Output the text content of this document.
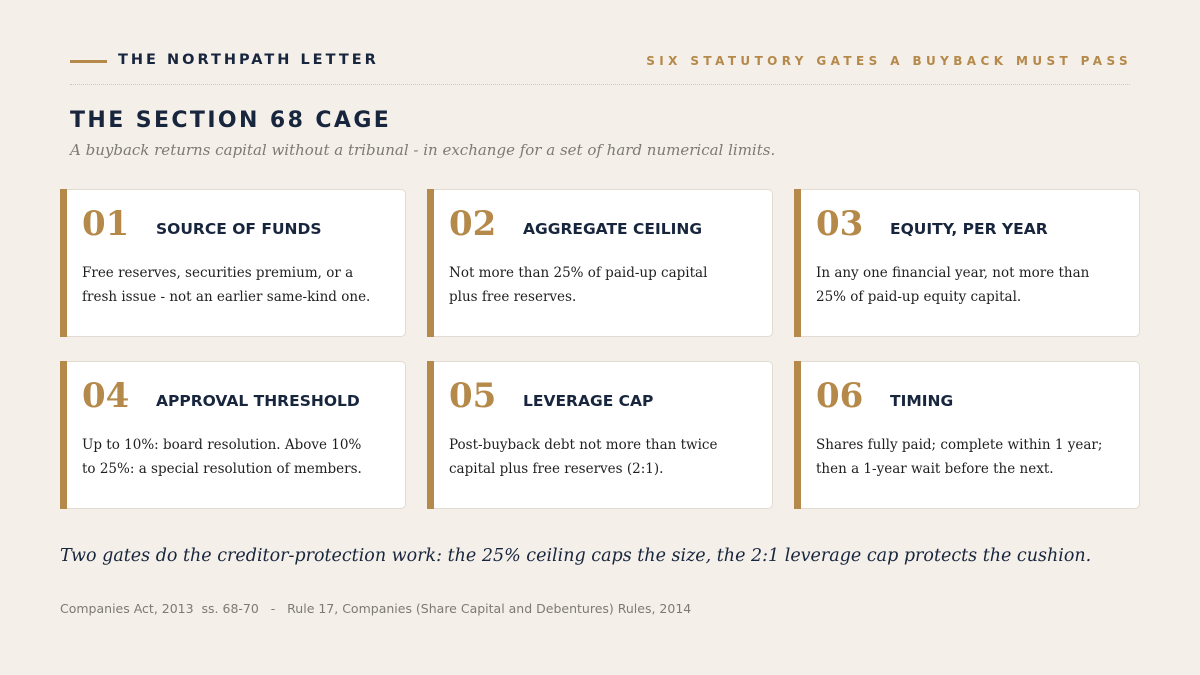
THE NORTHPATH LETTER	SIX STATUTORY GATES A BUYBACK MUST PASS
THE SECTION 68 CAGE
A buyback returns capital without a tribunal - in exchange for a set of hard numerical limits.
01 SOURCE OF FUNDS
Free reserves, securities premium, or a
fresh issue - not an earlier same-kind one.
02 AGGREGATE CEILING
Not more than 25% of paid-up capital
plus free reserves.
03 EQUITY, PER YEAR
In any one financial year, not more than
25% of paid-up equity capital.
04 APPROVAL THRESHOLD
Up to 10%: board resolution. Above 10%
to 25%: a special resolution of members.
05 LEVERAGE CAP
Post-buyback debt not more than twice
capital plus free reserves (2:1).
06 TIMING
Shares fully paid; complete within 1 year;
then a 1-year wait before the next.
Two gates do the creditor-protection work: the 25% ceiling caps the size, the 2:1 leverage cap protects the cushion.
Companies Act, 2013  ss. 68-70   -   Rule 17, Companies (Share Capital and Debentures) Rules, 2014
